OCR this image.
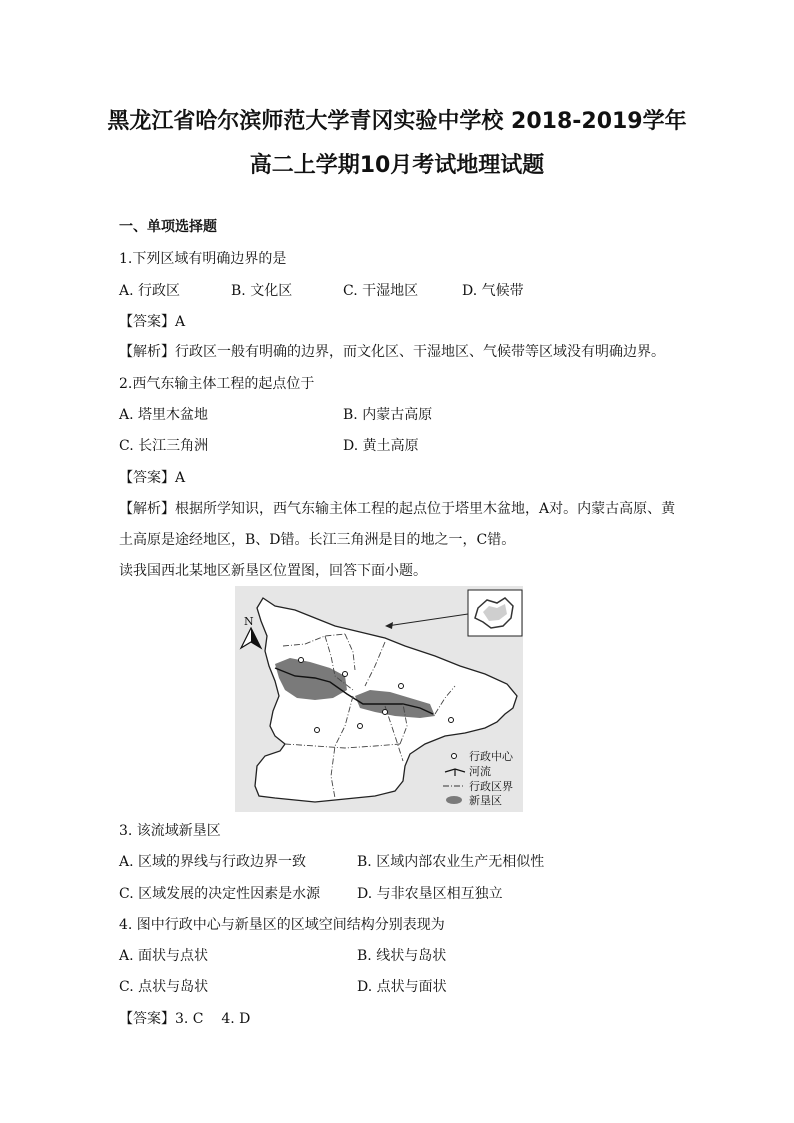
黑龙江省哈尔滨师范大学青冈实验中学校 2018-2019学年
高二上学期10月考试地理试题
一、单项选择题
1.下列区域有明确边界的是
A. 行政区	B. 文化区	C. 干湿地区	D. 气候带
【答案】A
【解析】行政区一般有明确的边界，而文化区、干湿地区、气候带等区域没有明确边界。
2.西气东输主体工程的起点位于
A. 塔里木盆地	B. 内蒙古高原
C. 长江三角洲	D. 黄土高原
【答案】A
【解析】根据所学知识，西气东输主体工程的起点位于塔里木盆地，A对。内蒙古高原、黄
土高原是途经地区，B、D错。长江三角洲是目的地之一，C错。
读我国西北某地区新垦区位置图，回答下面小题。
N
行政中心
河流
行政区界
新垦区
3. 该流域新垦区
A. 区域的界线与行政边界一致	B. 区域内部农业生产无相似性
C. 区域发展的决定性因素是水源	D. 与非农垦区相互独立
4. 图中行政中心与新垦区的区域空间结构分别表现为
A. 面状与点状	B. 线状与岛状
C. 点状与岛状	D. 点状与面状
【答案】3. C    4. D
